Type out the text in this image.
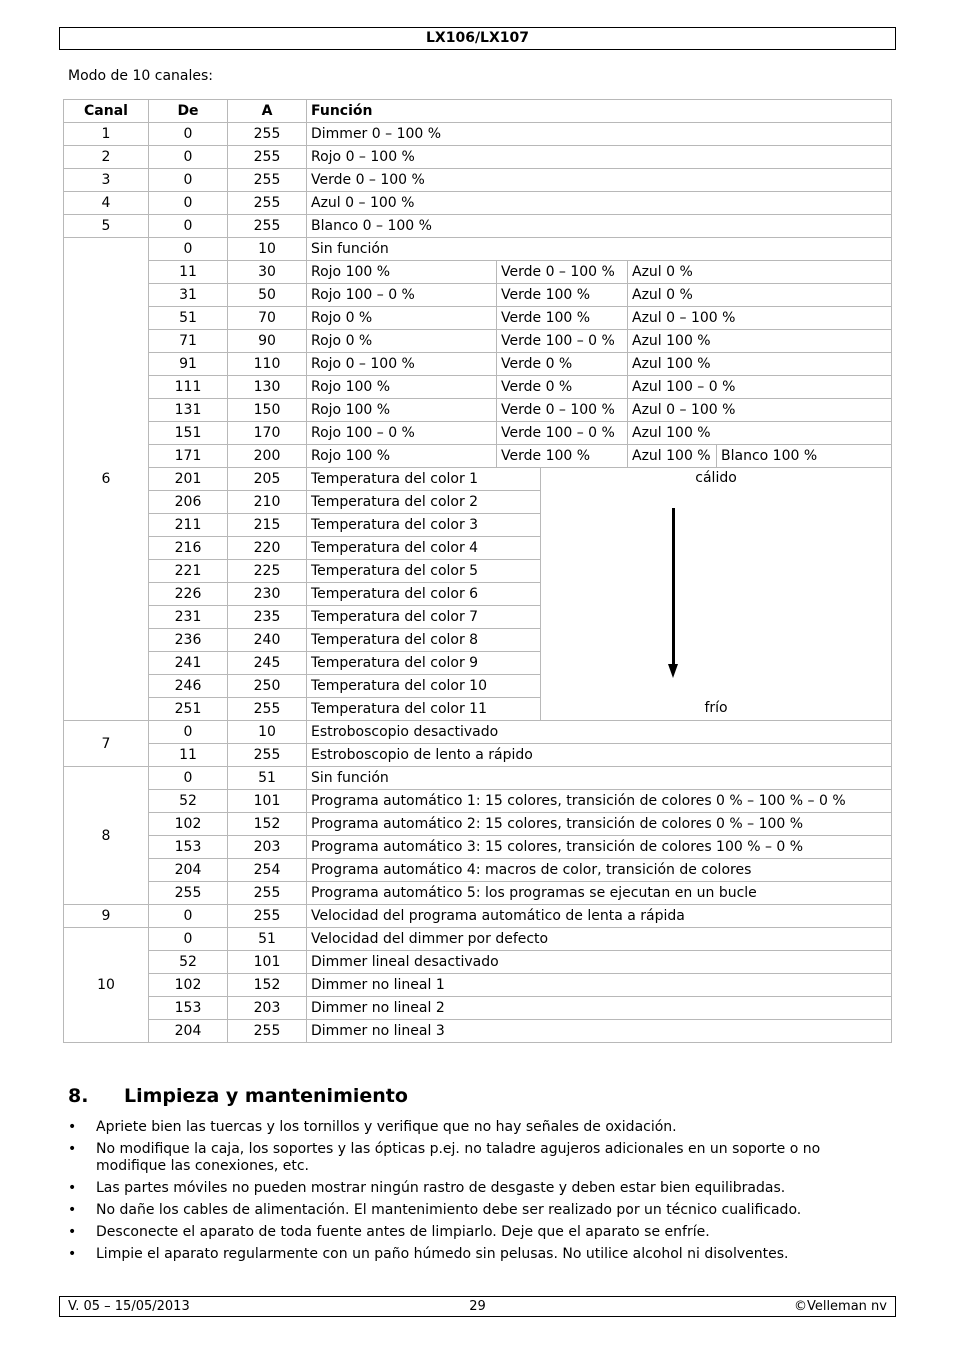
LX106/LX107
Modo de 10 canales:
Canal	De	A	Función				
1	0	255	Dimmer 0 – 100 %				
2	0	255	Rojo 0 – 100 %				
3	0	255	Verde 0 – 100 %				
4	0	255	Azul 0 – 100 %				
5	0	255	Blanco 0 – 100 %				
6	0	10	Sin función				
	11	30	Rojo 100 %	Verde 0 – 100 %		Azul 0 %	
	31	50	Rojo 100 – 0 %	Verde 100 %		Azul 0 %	
	51	70	Rojo 0 %	Verde 100 %		Azul 0 – 100 %	
	71	90	Rojo 0 %	Verde 100 – 0 %		Azul 100 %	
	91	110	Rojo 0 – 100 %	Verde 0 %		Azul 100 %	
	111	130	Rojo 100 %	Verde 0 %		Azul 100 – 0 %	
	131	150	Rojo 100 %	Verde 0 – 100 %		Azul 0 – 100 %	
	151	170	Rojo 100 – 0 %	Verde 100 – 0 %		Azul 100 %	
	171	200	Rojo 100 %	Verde 100 %		Azul 100 %	Blanco 100 %
	201	205	Temperatura del color 1		cálido
frío		

	206	210	Temperatura del color 2				
	211	215	Temperatura del color 3				
	216	220	Temperatura del color 4				
	221	225	Temperatura del color 5				
	226	230	Temperatura del color 6				
	231	235	Temperatura del color 7				
	236	240	Temperatura del color 8				
	241	245	Temperatura del color 9				
	246	250	Temperatura del color 10				
	251	255	Temperatura del color 11				
7	0	10	Estroboscopio desactivado				
	11	255	Estroboscopio de lento a rápido				
8	0	51	Sin función				
	52	101	Programa automático 1: 15 colores, transición de colores 0 % – 100 % – 0 %				
	102	152	Programa automático 2: 15 colores, transición de colores 0 % – 100 %				
	153	203	Programa automático 3: 15 colores, transición de colores 100 % – 0 %				
	204	254	Programa automático 4: macros de color, transición de colores				
	255	255	Programa automático 5: los programas se ejecutan en un bucle				
9	0	255	Velocidad del programa automático de lenta a rápida				
10	0	51	Velocidad del dimmer por defecto				
	52	101	Dimmer lineal desactivado				
	102	152	Dimmer no lineal 1				
	153	203	Dimmer no lineal 2				
	204	255	Dimmer no lineal 3				
8. Limpieza y mantenimiento
• Apriete bien las tuercas y los tornillos y verifique que no hay señales de oxidación.
• No modifique la caja, los soportes y las ópticas p.ej. no taladre agujeros adicionales en un soporte o no modifique las conexiones, etc.
• Las partes móviles no pueden mostrar ningún rastro de desgaste y deben estar bien equilibradas.
• No dañe los cables de alimentación. El mantenimiento debe ser realizado por un técnico cualificado.
• Desconecte el aparato de toda fuente antes de limpiarlo. Deje que el aparato se enfríe.
• Limpie el aparato regularmente con un paño húmedo sin pelusas. No utilice alcohol ni disolventes.
V. 05 – 15/05/2013	29	©Velleman nv
